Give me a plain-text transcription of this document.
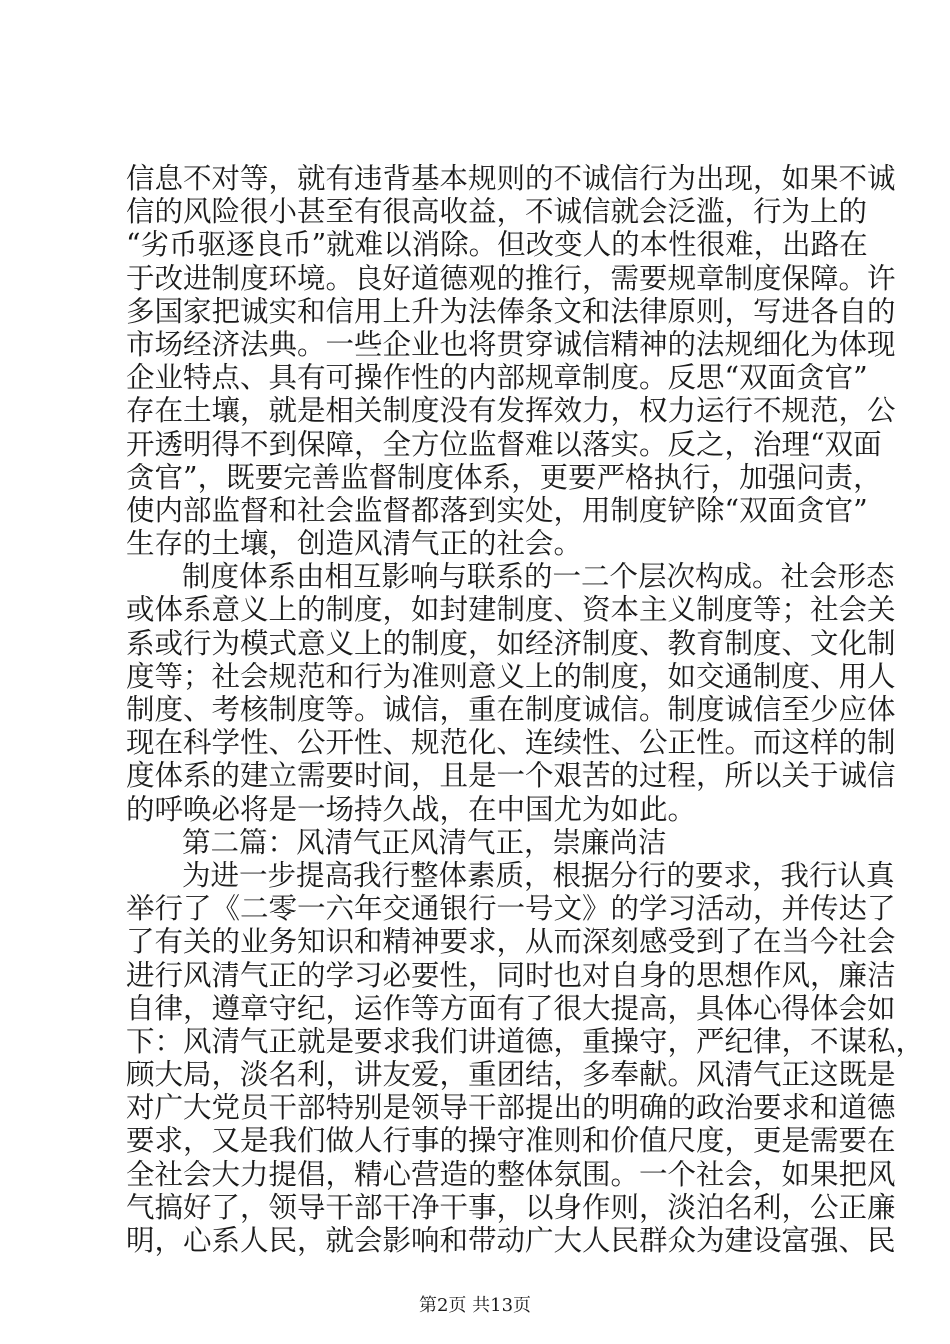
信息不对等，就有违背基本规则的不诚信行为出现，如果不诚
信的风险很小甚至有很高收益，不诚信就会泛滥，行为上的
“劣币驱逐良币”就难以消除。但改变人的本性很难，出路在
于改进制度环境。良好道德观的推行，需要规章制度保障。许
多国家把诚实和信用上升为法俸条文和法律原则，写进各自的
市场经济法典。一些企业也将贯穿诚信精神的法规细化为体现
企业特点、具有可操作性的内部规章制度。反思“双面贪官”
存在土壤，就是相关制度没有发挥效力，权力运行不规范，公
开透明得不到保障，全方位监督难以落实。反之，治理“双面
贪官”，既要完善监督制度体系，更要严格执行，加强问责，
使内部监督和社会监督都落到实处，用制度铲除“双面贪官”
生存的土壤，创造风清气正的社会。
制度体系由相互影响与联系的一二个层次构成。社会形态
或体系意义上的制度，如封建制度、资本主义制度等；社会关
系或行为模式意义上的制度，如经济制度、教育制度、文化制
度等；社会规范和行为准则意义上的制度，如交通制度、用人
制度、考核制度等。诚信，重在制度诚信。制度诚信至少应体
现在科学性、公开性、规范化、连续性、公正性。而这样的制
度体系的建立需要时间，且是一个艰苦的过程，所以关于诚信
的呼唤必将是一场持久战，在中国尤为如此。
第二篇：风清气正风清气正，崇廉尚洁
为进一步提高我行整体素质，根据分行的要求，我行认真
举行了《二零一六年交通银行一号文》的学习活动，并传达了
了有关的业务知识和精神要求，从而深刻感受到了在当今社会
进行风清气正的学习必要性，同时也对自身的思想作风，廉洁
自律，遵章守纪，运作等方面有了很大提高，具体心得体会如
下：风清气正就是要求我们讲道德，重操守，严纪律，不谋私，
顾大局，淡名利，讲友爱，重团结，多奉献。风清气正这既是
对广大党员干部特别是领导干部提出的明确的政治要求和道德
要求，又是我们做人行事的操守准则和价值尺度，更是需要在
全社会大力提倡，精心营造的整体氛围。一个社会，如果把风
气搞好了，领导干部干净干事，以身作则，淡泊名利，公正廉
明，心系人民，就会影响和带动广大人民群众为建设富强、民
第2页 共13页
